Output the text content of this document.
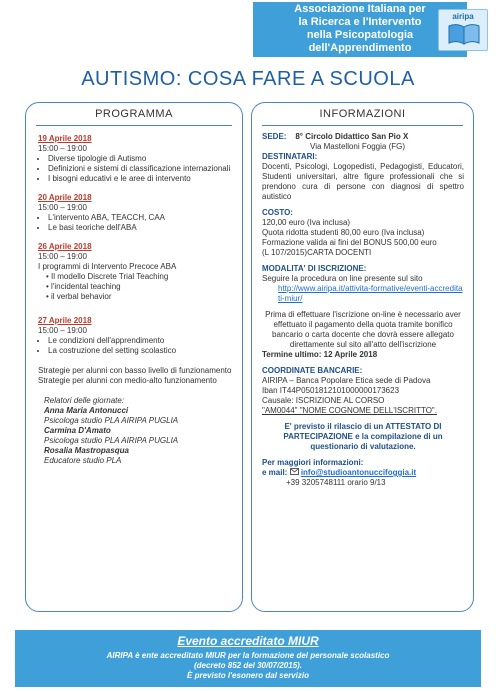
Associazione Italiana per
la Ricerca e l'Intervento
nella Psicopatologia
dell'Apprendimento
airipa
AUTISMO: COSA FARE A SCUOLA
PROGRAMMA
19 Aprile 2018
15:00 – 19:00
• Diverse tipologie di Autismo
• Definizioni e sistemi di classificazione internazionali
• I bisogni educativi e le aree di intervento
20 Aprile 2018
15:00 – 19:00
• L'intervento ABA, TEACCH, CAA
• Le basi teoriche dell'ABA
26 Aprile 2018
15:00 – 19:00
I programmi di Intervento Precoce ABA
• Il modello Discrete Trial Teaching
• l'incidental teaching
• il verbal behavior
27 Aprile 2018
15:00 – 19:00
• Le condizioni dell'apprendimento
• La costruzione del setting scolastico
Strategie per alunni con basso livello di funzionamento
Strategie per alunni con medio-alto funzionamento
Relatori delle giornate:
Anna Maria Antonucci
Psicologa studio PLA AIRIPA PUGLIA
Carmina D'Amato
Psicologa studio PLA AIRIPA PUGLIA
Rosalia Mastropasqua
Educatore studio PLA
INFORMAZIONI
SEDE: 8° Circolo Didattico San Pio X
Via Mastelloni Foggia (FG)
DESTINATARI:
Docenti, Psicologi, Logopedisti, Pedagogisti, Educatori, Studenti universitari, altre figure professionali che si prendono cura di persone con diagnosi di spettro autistico
COSTO:
120,00 euro (Iva inclusa)
Quota ridotta studenti 80,00 euro (Iva inclusa)
Formazione valida ai fini del BONUS 500,00 euro
(L 107/2015)CARTA DOCENTI
MODALITA' DI ISCRIZIONE:
Seguire la procedura on line presente sul sito
http://www.airipa.it/attivita-formative/eventi-accreditati-miur/
Prima di effettuare l'iscrizione on-line è necessario aver effettuato il pagamento della quota tramite bonifico bancario o carta docente che dovrà essere allegato direttamente sul sito all'atto dell'iscrizione
Termine ultimo: 12 Aprile 2018
COORDINATE BANCARIE:
AIRIPA – Banca Popolare Etica sede di Padova
Iban IT44P0501812101000000173623
Causale: ISCRIZIONE AL CORSO
"AM0044" "NOME COGNOME DELL'ISCRITTO".
E' previsto il rilascio di un ATTESTATO DI PARTECIPAZIONE e la compilazione di un questionario di valutazione.
Per maggiori informazioni:
e mail: info@studioantonuccifoggia.it
+39 3205748111 orario 9/13
Evento accreditato MIUR
AIRIPA è ente accreditato MIUR per la formazione del personale scolastico
(decreto 852 del 30/07/2015).
È previsto l'esonero dal servizio
